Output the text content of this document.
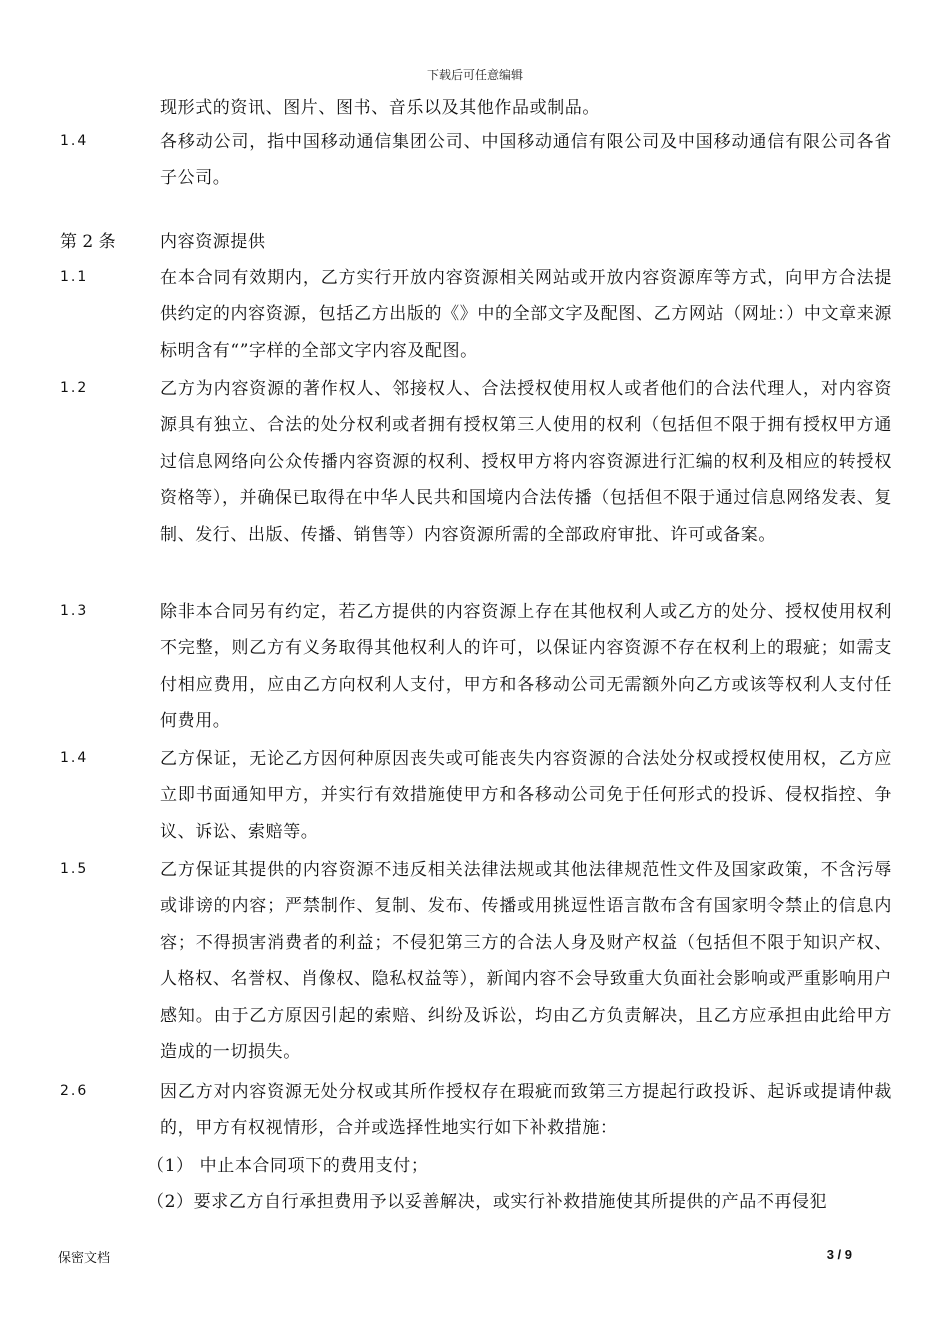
下载后可任意编辑
现形式的资讯、图片、图书、音乐以及其他作品或制品。
1.4	各移动公司，指中国移动通信集团公司、中国移动通信有限公司及中国移动通信有限公司各省子公司。
第 2 条	内容资源提供
1.1	在本合同有效期内，乙方实行开放内容资源相关网站或开放内容资源库等方式，向甲方合法提供约定的内容资源，包括乙方出版的《》中的全部文字及配图、乙方网站（网址：）中文章来源标明含有“”字样的全部文字内容及配图。
1.2	乙方为内容资源的著作权人、邻接权人、合法授权使用权人或者他们的合法代理人，对内容资源具有独立、合法的处分权利或者拥有授权第三人使用的权利（包括但不限于拥有授权甲方通过信息网络向公众传播内容资源的权利、授权甲方将内容资源进行汇编的权利及相应的转授权资格等），并确保已取得在中华人民共和国境内合法传播（包括但不限于通过信息网络发表、复制、发行、出版、传播、销售等）内容资源所需的全部政府审批、许可或备案。
1.3	除非本合同另有约定，若乙方提供的内容资源上存在其他权利人或乙方的处分、授权使用权利不完整，则乙方有义务取得其他权利人的许可，以保证内容资源不存在权利上的瑕疵；如需支付相应费用，应由乙方向权利人支付，甲方和各移动公司无需额外向乙方或该等权利人支付任何费用。
1.4	乙方保证，无论乙方因何种原因丧失或可能丧失内容资源的合法处分权或授权使用权，乙方应立即书面通知甲方，并实行有效措施使甲方和各移动公司免于任何形式的投诉、侵权指控、争议、诉讼、索赔等。
1.5	乙方保证其提供的内容资源不违反相关法律法规或其他法律规范性文件及国家政策，不含污辱或诽谤的内容；严禁制作、复制、发布、传播或用挑逗性语言散布含有国家明令禁止的信息内容；不得损害消费者的利益；不侵犯第三方的合法人身及财产权益（包括但不限于知识产权、人格权、名誉权、肖像权、隐私权益等），新闻内容不会导致重大负面社会影响或严重影响用户感知。由于乙方原因引起的索赔、纠纷及诉讼，均由乙方负责解决，且乙方应承担由此给甲方造成的一切损失。
2.6	因乙方对内容资源无处分权或其所作授权存在瑕疵而致第三方提起行政投诉、起诉或提请仲裁的，甲方有权视情形，合并或选择性地实行如下补救措施：
（1） 中止本合同项下的费用支付；
（2）要求乙方自行承担费用予以妥善解决，或实行补救措施使其所提供的产品不再侵犯
保密文档	3 / 9
